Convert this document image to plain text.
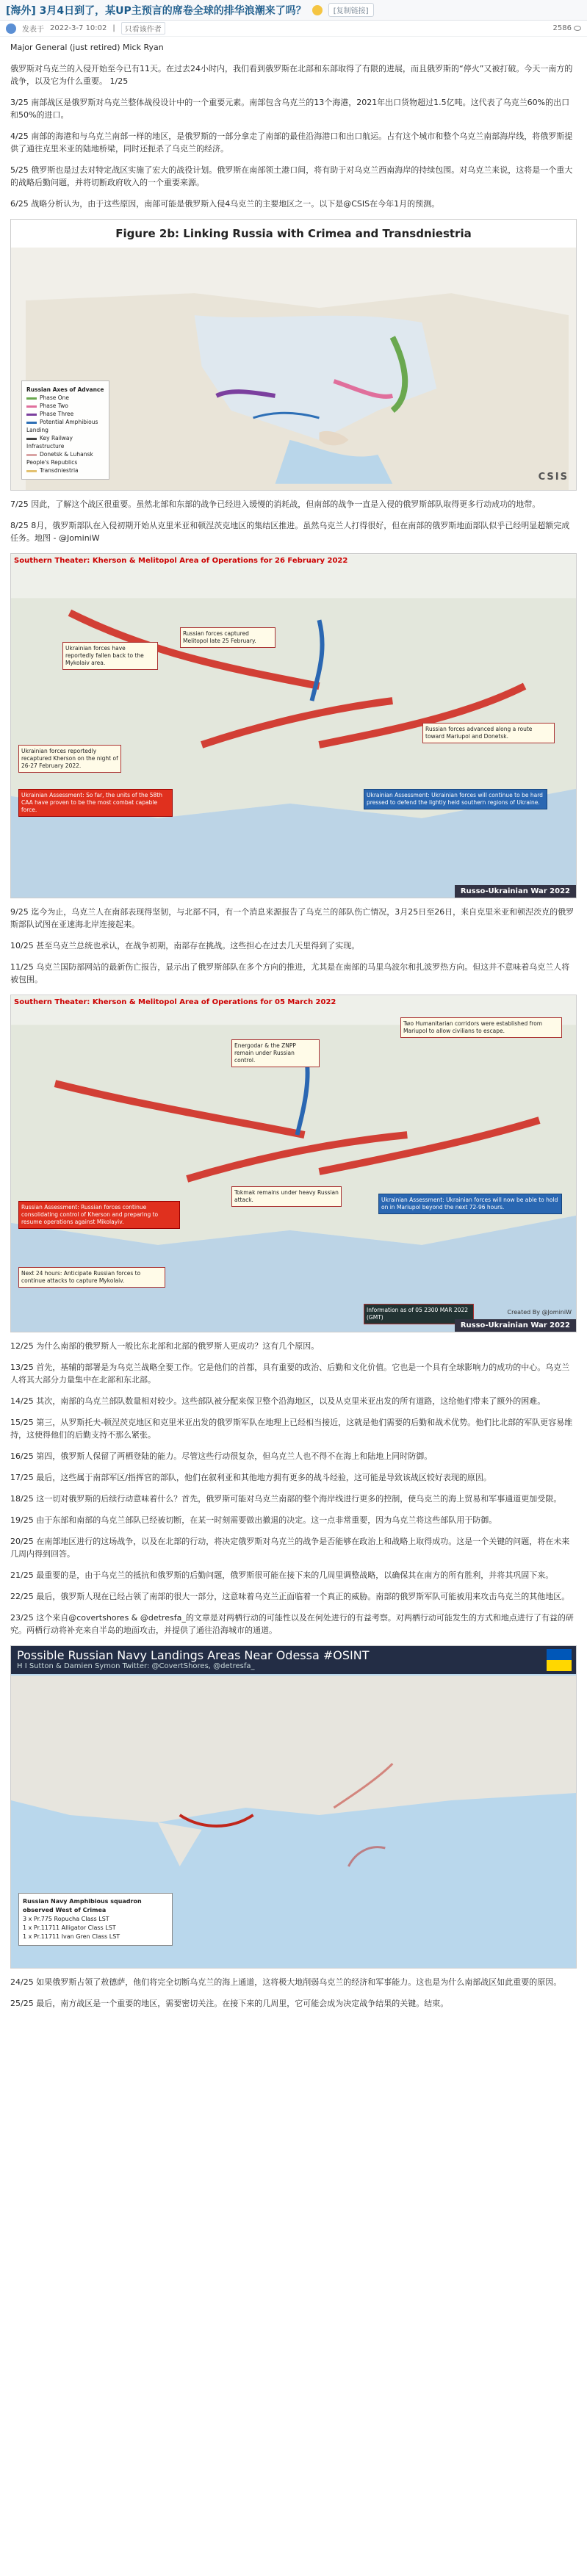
[海外] 3月4日到了，某UP主预言的席卷全球的排华浪潮来了吗？	[复制链接]
发表于 2022-3-7 10:02 |	只看该作者	2586
Major General (just retired) Mick Ryan
俄罗斯对乌克兰的入侵开始至今已有11天。在过去24小时内，我们看到俄罗斯在北部和东部取得了有限的进展，而且俄罗斯的“停火”又被打破。今天一南方的战争，以及它为什么重要。 1/25
3/25 南部战区是俄罗斯对乌克兰整体战役设计中的一个重要元素。南部包含乌克兰的13个海港，2021年出口货物超过1.5亿吨。这代表了乌克兰60%的出口和50%的进口。
4/25 南部的海港和与乌克兰南部一样的地区，是俄罗斯的一部分拿走了南部的最佳沿海港口和出口航运。占有这个城市和整个乌克兰南部海岸线，将俄罗斯提供了通往克里米亚的陆地桥梁，同时还扼杀了乌克兰的经济。
5/25 俄罗斯也是过去对特定战区实施了宏大的战役计划。俄罗斯在南部领土港口间，将有助于对乌克兰西南海岸的持续包围。对乌克兰来说，这将是一个重大的战略后勤问题，并将切断政府收入的一个重要来源。
6/25 战略分析认为，由于这些原因，南部可能是俄罗斯入侵4乌克兰的主要地区之一。以下是@CSIS在今年1月的预测。
Figure 2b: Linking Russia with Crimea and Transdniestria
Russian Axes of Advance
Phase One
Phase Two
Phase Three
Potential Amphibious Landing
Key Railway Infrastructure
Donetsk & Luhansk People's Republics
Transdniestria
CSIS
7/25 因此，了解这个战区很重要。虽然北部和东部的战争已经进入缓慢的消耗战，但南部的战争一直是入侵的俄罗斯部队取得更多行动成功的地带。
8/25 8月，俄罗斯部队在入侵初期开始从克里米亚和顿涅茨克地区的集结区推进。虽然乌克兰人打得很好，但在南部的俄罗斯地面部队似乎已经明显超额完成任务。地图 - @JominiW
Southern Theater: Kherson & Melitopol Area of Operations for 26 February 2022
Ukrainian forces reportedly recaptured Kherson on the night of 26-27 February 2022.
Ukrainian forces have reportedly fallen back to the Mykolaiv area.
Ukrainian Assessment: So far, the units of the 58th CAA have proven to be the most combat capable force.
Russian forces captured Melitopol late 25 February.
Ukrainian Assessment: Ukrainian forces will continue to be hard pressed to defend the lightly held southern regions of Ukraine.
Russian forces advanced along a route toward Mariupol and Donetsk.
Russo-Ukrainian War 2022
9/25 迄今为止，乌克兰人在南部表现得坚韧，与北部不同，有一个消息来源报告了乌克兰的部队伤亡情况，3月25日至26日，来自克里米亚和顿涅茨克的俄罗斯部队试图在亚速海北岸连接起来。
10/25 甚至乌克兰总统也承认，在战争初期，南部存在挑战。这些担心在过去几天里得到了实现。
11/25 乌克兰国防部网站的最新伤亡报告，显示出了俄罗斯部队在多个方向的推进，尤其是在南部的马里乌波尔和扎波罗热方向。但这并不意味着乌克兰人将被包围。
Southern Theater: Kherson & Melitopol Area of Operations for 05 March 2022
Energodar & the ZNPP remain under Russian control.
Two Humanitarian corridors were established from Mariupol to allow civilians to escape.
Russian Assessment: Russian forces continue consolidating control of Kherson and preparing to resume operations against Mikolayiv.
Next 24 hours: Anticipate Russian forces to continue attacks to capture Mykolaiv.
Tokmak remains under heavy Russian attack.	Ukrainian Assessment: Ukrainian forces will now be able to hold on in Mariupol beyond the next 72-96 hours.
Information as of 05 2300 MAR 2022 (GMT)
Russo-Ukrainian War 2022
Created By @JominiW
12/25 为什么南部的俄罗斯人一般比东北部和北部的俄罗斯人更成功？这有几个原因。
13/25 首先，基辅的部署是为乌克兰战略全要工作。它是他们的首都，具有重要的政治、后勤和文化价值。它也是一个具有全球影响力的成功的中心。乌克兰人将其大部分力量集中在北部和东北部。
14/25 其次，南部的乌克兰部队数量相对较少。这些部队被分配来保卫整个沿海地区，以及从克里米亚出发的所有道路，这给他们带来了额外的困难。
15/25 第三，从罗斯托夫-顿涅茨克地区和克里米亚出发的俄罗斯军队在地理上已经相当接近，这就是他们需要的后勤和战术优势。他们比北部的军队更容易维持，这使得他们的后勤支持不那么紧张。
16/25 第四，俄罗斯人保留了两栖登陆的能力。尽管这些行动很复杂，但乌克兰人也不得不在海上和陆地上同时防御。
17/25 最后，这些属于南部军区/指挥官的部队，他们在叙利亚和其他地方拥有更多的战斗经验，这可能是导致该战区较好表现的原因。
18/25 这一切对俄罗斯的后续行动意味着什么？首先，俄罗斯可能对乌克兰南部的整个海岸线进行更多的控制，使乌克兰的海上贸易和军事通道更加受限。
19/25 由于东部和南部的乌克兰部队已经被切断，在某一时刻需要做出撤退的决定。这一点非常重要，因为乌克兰将这些部队用于防御。
20/25 在南部地区进行的这场战争，以及在北部的行动，将决定俄罗斯对乌克兰的战争是否能够在政治上和战略上取得成功。这是一个关键的问题，将在未来几周内得到回答。
21/25 最重要的是，由于乌克兰的抵抗和俄罗斯的后勤问题，俄罗斯很可能在接下来的几周里调整战略，以确保其在南方的所有胜利，并将其巩固下来。
22/25 最后，俄罗斯人现在已经占领了南部的很大一部分，这意味着乌克兰正面临着一个真正的威胁。南部的俄罗斯军队可能被用来攻击乌克兰的其他地区。
23/25 这个来自@covertshores & @detresfa_的文章是对两栖行动的可能性以及在何处进行的有益考察。对两栖行动可能发生的方式和地点进行了有益的研究。两栖行动将补充来自半岛的地面攻击，并提供了通往沿海城市的通道。
Possible Russian Navy Landings Areas Near Odessa #OSINT
H I Sutton & Damien Symon Twitter: @CovertShores, @detresfa_
Russian Navy Amphibious squadron observed West of Crimea
3 x Pr.775 Ropucha Class LST
1 x Pr.11711 Alligator Class LST
1 x Pr.11711 Ivan Gren Class LST
24/25 如果俄罗斯占领了敖德萨，他们将完全切断乌克兰的海上通道，这将极大地削弱乌克兰的经济和军事能力。这也是为什么南部战区如此重要的原因。
25/25 最后，南方战区是一个重要的地区，需要密切关注。在接下来的几周里，它可能会成为决定战争结果的关键。结束。
